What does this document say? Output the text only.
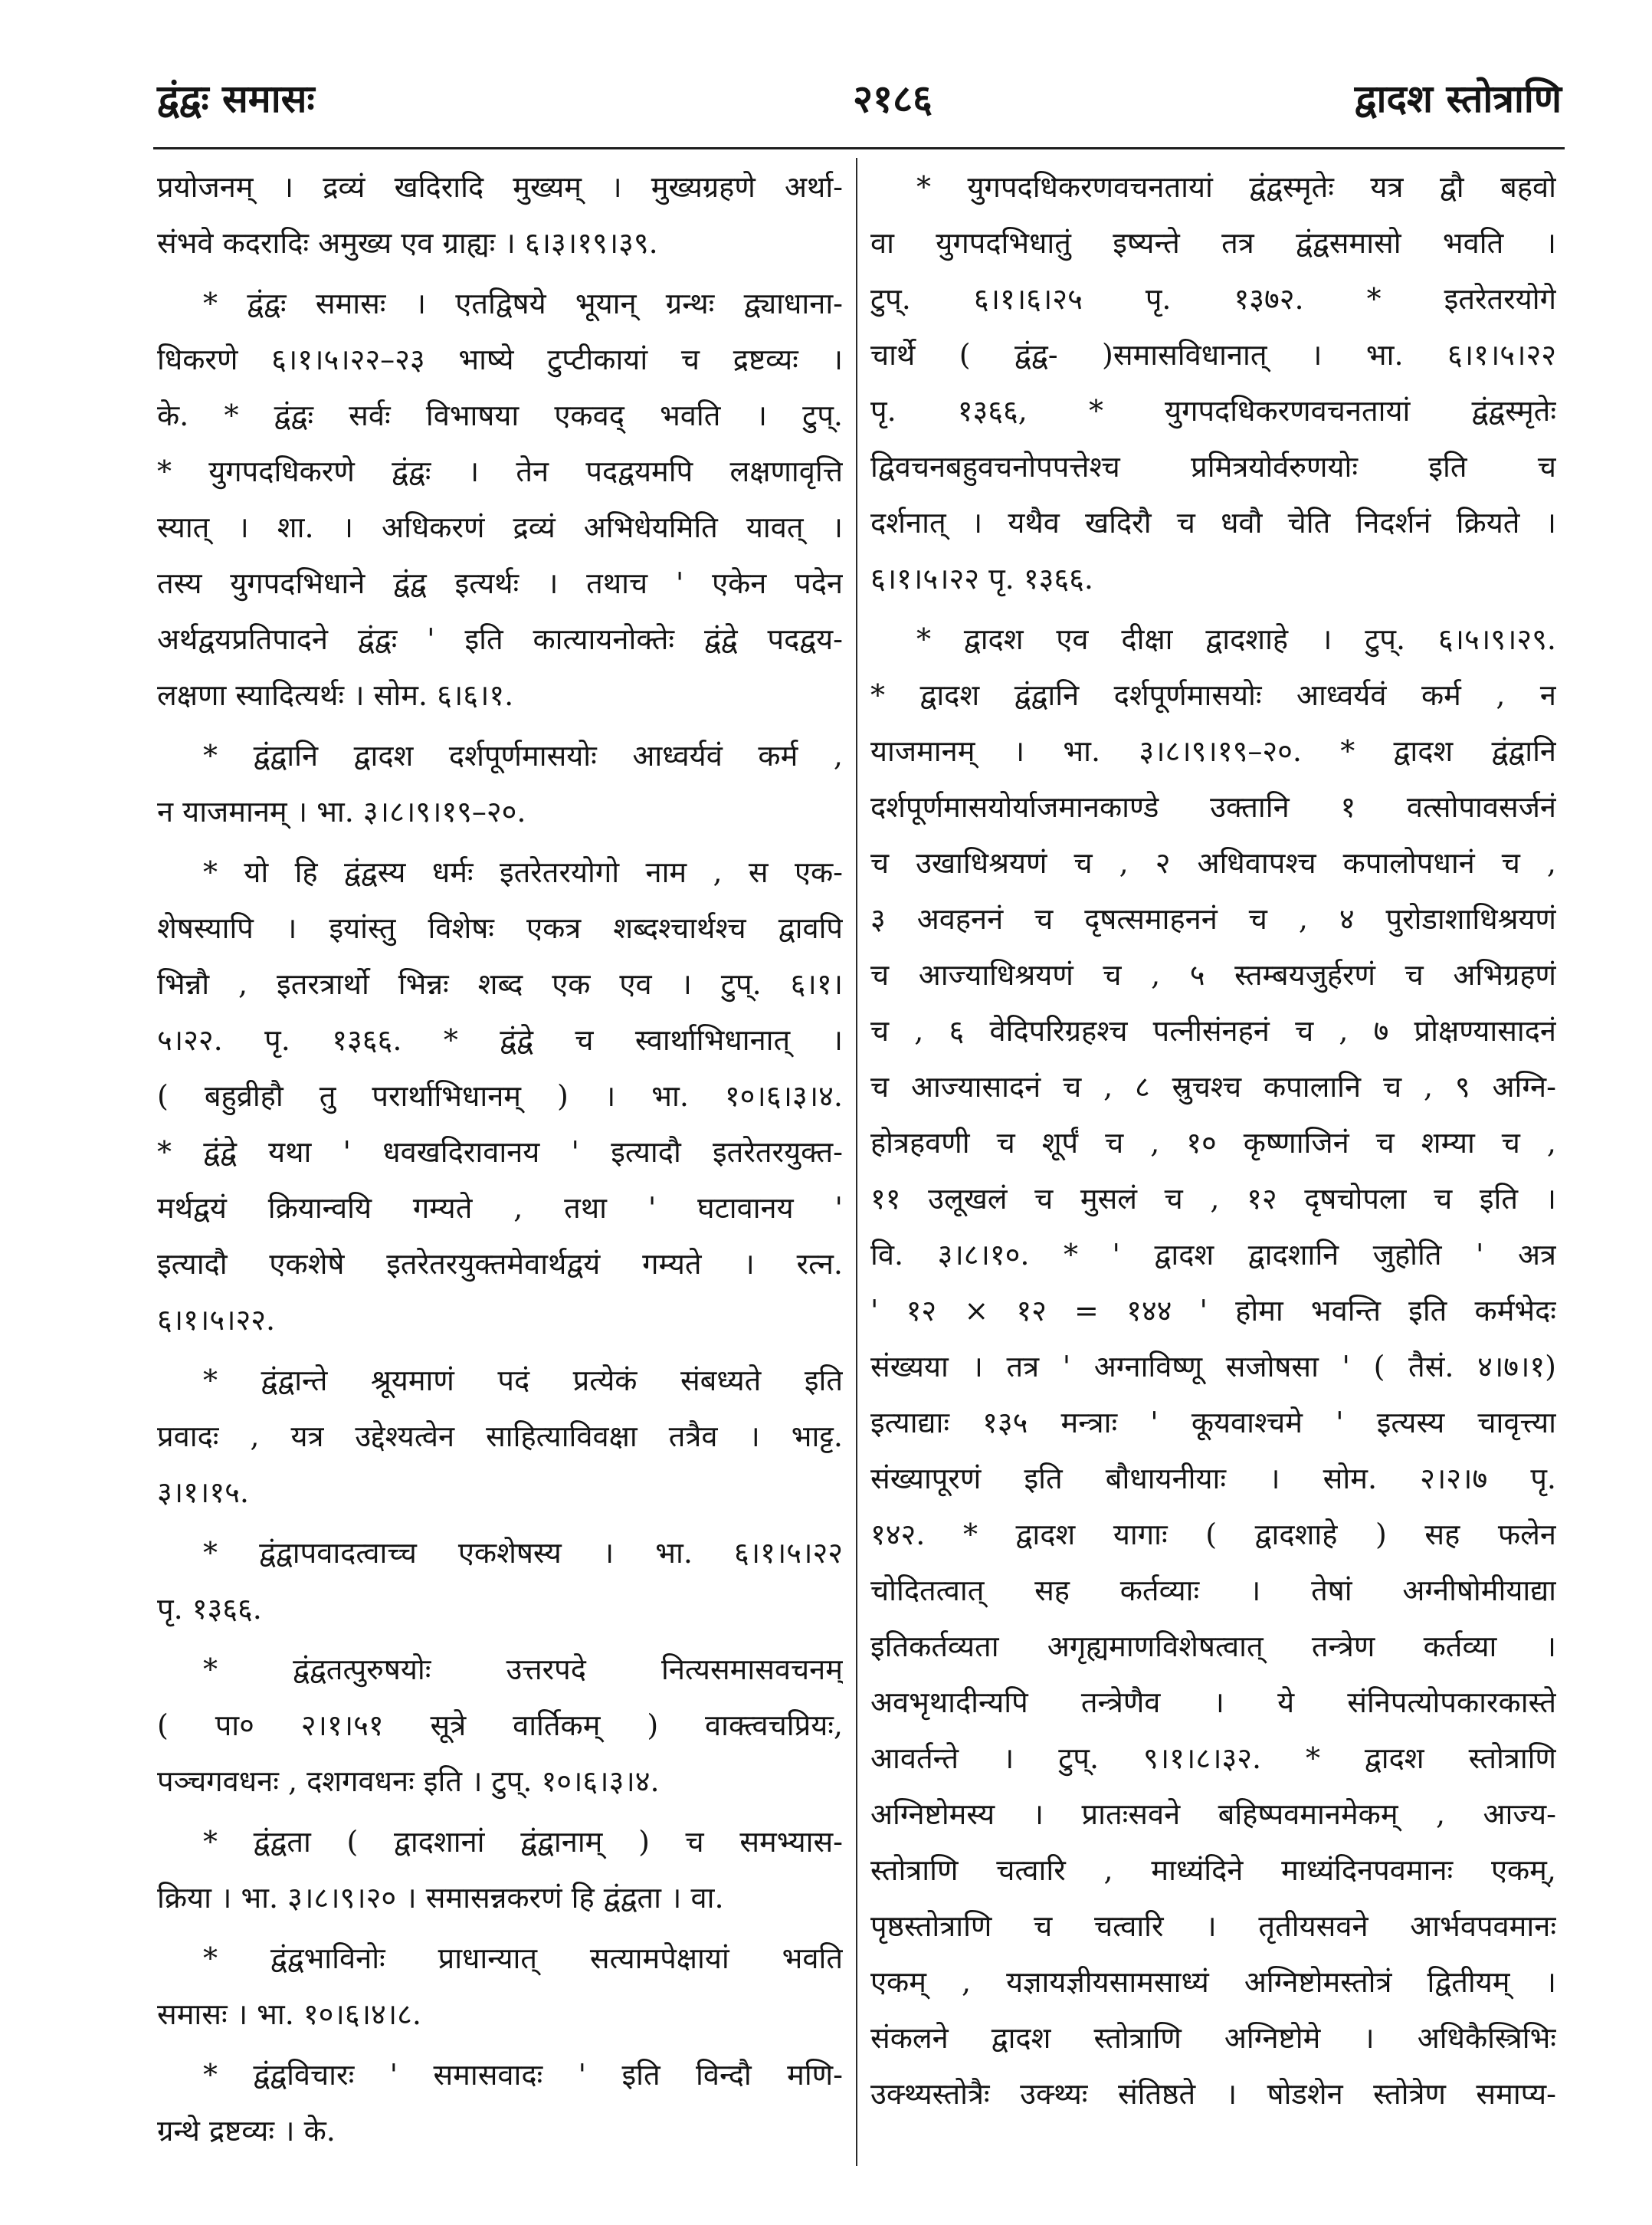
द्वंद्वः समासः	२१८६	द्वादश स्तोत्राणि
प्रयोजनम् । द्रव्यं खदिरादि मुख्यम् । मुख्यग्रहणे अर्था-
संभवे कदरादिः अमुख्य एव ग्राह्यः । ६।३।१९।३९.
* द्वंद्वः समासः । एतद्विषये भूयान् ग्रन्थः द्व्याधाना-
धिकरणे ६।१।५।२२–२३ भाष्ये टुप्टीकायां च द्रष्टव्यः ।
के. * द्वंद्वः सर्वः विभाषया एकवद् भवति । टुप्.
* युगपदधिकरणे द्वंद्वः । तेन पदद्वयमपि लक्षणावृत्ति
स्यात् । शा. । अधिकरणं द्रव्यं अभिधेयमिति यावत् ।
तस्य युगपदभिधाने द्वंद्व इत्यर्थः । तथाच ' एकेन पदेन
अर्थद्वयप्रतिपादने द्वंद्वः ' इति कात्यायनोक्तेः द्वंद्वे पदद्वय-
लक्षणा स्यादित्यर्थः । सोम. ६।६।१.
* द्वंद्वानि द्वादश दर्शपूर्णमासयोः आध्वर्यवं कर्म ,
न याजमानम् । भा. ३।८।९।१९–२०.
* यो हि द्वंद्वस्य धर्मः इतरेतरयोगो नाम , स एक-
शेषस्यापि । इयांस्तु विशेषः एकत्र शब्दश्चार्थश्च द्वावपि
भिन्नौ , इतरत्रार्थो भिन्नः शब्द एक एव । टुप्. ६।१।
५।२२. पृ. १३६६. * द्वंद्वे च स्वार्थाभिधानात् ।
( बहुव्रीहौ तु परार्थाभिधानम् ) । भा. १०।६।३।४.
* द्वंद्वे यथा ' धवखदिरावानय ' इत्यादौ इतरेतरयुक्त-
मर्थद्वयं क्रियान्वयि गम्यते , तथा ' घटावानय '
इत्यादौ एकशेषे इतरेतरयुक्तमेवार्थद्वयं गम्यते । रत्न.
६।१।५।२२.
* द्वंद्वान्ते श्रूयमाणं पदं प्रत्येकं संबध्यते इति
प्रवादः , यत्र उद्देश्यत्वेन साहित्याविवक्षा तत्रैव । भाट्ट.
३।१।१५.
* द्वंद्वापवादत्वाच्च एकशेषस्य । भा. ६।१।५।२२
पृ. १३६६.
* द्वंद्वतत्पुरुषयोः उत्तरपदे नित्यसमासवचनम्
( पा० २।१।५१ सूत्रे वार्तिकम् ) वाक्त्वचप्रियः,
पञ्चगवधनः , दशगवधनः इति । टुप्. १०।६।३।४.
* द्वंद्वता ( द्वादशानां द्वंद्वानाम् ) च समभ्यास-
क्रिया । भा. ३।८।९।२० । समासन्नकरणं हि द्वंद्वता । वा.
* द्वंद्वभाविनोः प्राधान्यात् सत्यामपेक्षायां भवति
समासः । भा. १०।६।४।८.
* द्वंद्वविचारः ' समासवादः ' इति विन्दौ मणि-
ग्रन्थे द्रष्टव्यः । के.
* युगपदधिकरणवचनतायां द्वंद्वस्मृतेः यत्र द्वौ बहवो
वा युगपदभिधातुं इष्यन्ते तत्र द्वंद्वसमासो भवति ।
टुप्. ६।१।६।२५ पृ. १३७२. * इतरेतरयोगे
चार्थे ( द्वंद्व- )समासविधानात् । भा. ६।१।५।२२
पृ. १३६६, * युगपदधिकरणवचनतायां द्वंद्वस्मृतेः
द्विवचनबहुवचनोपपत्तेश्च प्रमित्रयोर्वरुणयोः इति च
दर्शनात् । यथैव खदिरौ च धवौ चेति निदर्शनं क्रियते ।
६।१।५।२२ पृ. १३६६.
* द्वादश एव दीक्षा द्वादशाहे । टुप्. ६।५।९।२९.
* द्वादश द्वंद्वानि दर्शपूर्णमासयोः आध्वर्यवं कर्म , न
याजमानम् । भा. ३।८।९।१९–२०. * द्वादश द्वंद्वानि
दर्शपूर्णमासयोर्याजमानकाण्डे उक्तानि १ वत्सोपावसर्जनं
च उखाधिश्रयणं च , २ अधिवापश्च कपालोपधानं च ,
३ अवहननं च दृषत्समाहननं च , ४ पुरोडाशाधिश्रयणं
च आज्याधिश्रयणं च , ५ स्तम्बयजुर्हरणं च अभिग्रहणं
च , ६ वेदिपरिग्रहश्च पत्नीसंनहनं च , ७ प्रोक्षण्यासादनं
च आज्यासादनं च , ८ स्रुचश्च कपालानि च , ९ अग्नि-
होत्रहवणी च शूर्पं च , १० कृष्णाजिनं च शम्या च ,
११ उलूखलं च मुसलं च , १२ दृषचोपला च इति ।
वि. ३।८।१०. * ' द्वादश द्वादशानि जुहोति ' अत्र
' १२ × १२ = १४४ ' होमा भवन्ति इति कर्मभेदः
संख्यया । तत्र ' अग्नाविष्णू सजोषसा ' ( तैसं. ४।७।१)
इत्याद्याः १३५ मन्त्राः ' कूयवाश्चमे ' इत्यस्य चावृत्त्या
संख्यापूरणं इति बौधायनीयाः । सोम. २।२।७ पृ.
१४२. * द्वादश यागाः ( द्वादशाहे ) सह फलेन
चोदितत्वात् सह कर्तव्याः । तेषां अग्नीषोमीयाद्या
इतिकर्तव्यता अगृह्यमाणविशेषत्वात् तन्त्रेण कर्तव्या ।
अवभृथादीन्यपि तन्त्रेणैव । ये संनिपत्योपकारकास्ते
आवर्तन्ते । टुप्. ९।१।८।३२. * द्वादश स्तोत्राणि
अग्निष्टोमस्य । प्रातःसवने बहिष्पवमानमेकम् , आज्य-
स्तोत्राणि चत्वारि , माध्यंदिने माध्यंदिनपवमानः एकम्,
पृष्ठस्तोत्राणि च चत्वारि । तृतीयसवने आर्भवपवमानः
एकम् , यज्ञायज्ञीयसामसाध्यं अग्निष्टोमस्तोत्रं द्वितीयम् ।
संकलने द्वादश स्तोत्राणि अग्निष्टोमे । अधिकैस्त्रिभिः
उक्थ्यस्तोत्रैः उक्थ्यः संतिष्ठते । षोडशेन स्तोत्रेण समाप्य-
